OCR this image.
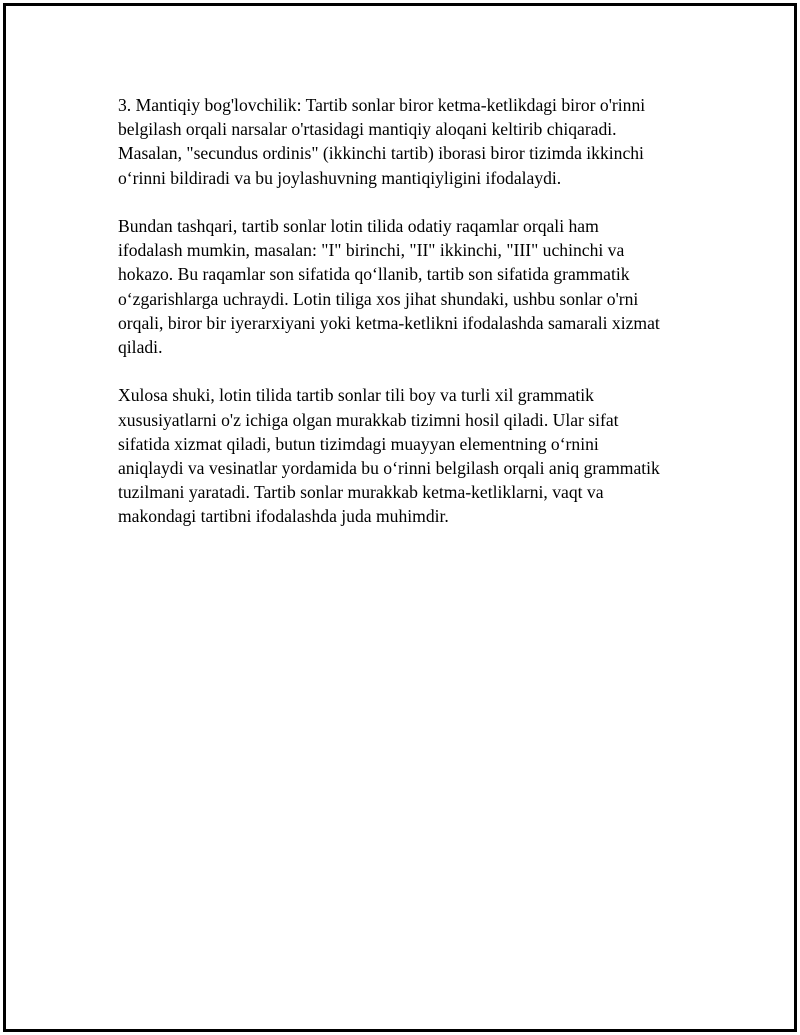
3. Mantiqiy bog'lovchilik: Tartib sonlar biror ketma-ketlikdagi biror o'rinni
belgilash orqali narsalar o'rtasidagi mantiqiy aloqani keltirib chiqaradi.
Masalan, "secundus ordinis" (ikkinchi tartib) iborasi biror tizimda ikkinchi
o‘rinni bildiradi va bu joylashuvning mantiqiyligini ifodalaydi.

Bundan tashqari, tartib sonlar lotin tilida odatiy raqamlar orqali ham
ifodalash mumkin, masalan: "I" birinchi, "II" ikkinchi, "III" uchinchi va
hokazo. Bu raqamlar son sifatida qo‘llanib, tartib son sifatida grammatik
o‘zgarishlarga uchraydi. Lotin tiliga xos jihat shundaki, ushbu sonlar o'rni
orqali, biror bir iyerarxiyani yoki ketma-ketlikni ifodalashda samarali xizmat
qiladi.

Xulosa shuki, lotin tilida tartib sonlar tili boy va turli xil grammatik
xususiyatlarni o'z ichiga olgan murakkab tizimni hosil qiladi. Ular sifat
sifatida xizmat qiladi, butun tizimdagi muayyan elementning o‘rnini
aniqlaydi va vesinatlar yordamida bu o‘rinni belgilash orqali aniq grammatik
tuzilmani yaratadi. Tartib sonlar murakkab ketma-ketliklarni, vaqt va
makondagi tartibni ifodalashda juda muhimdir.
